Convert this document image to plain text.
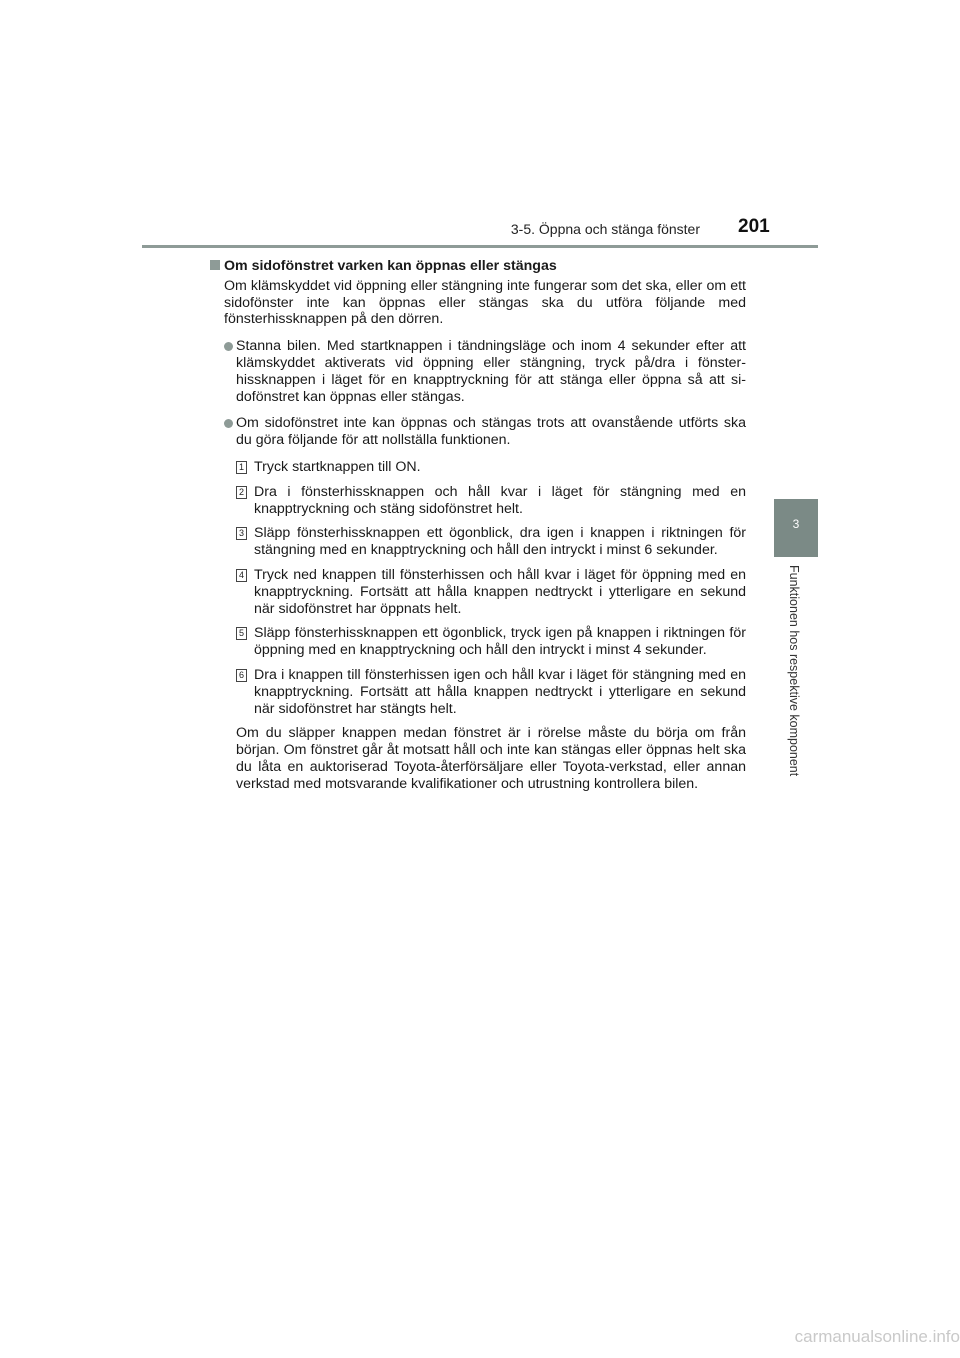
3-5. Öppna och stänga fönster 201
3
Funktionen hos respektive komponent
Om sidofönstret varken kan öppnas eller stängas
Om klämskyddet vid öppning eller stängning inte fungerar som det ska, eller om ett sidofönster inte kan öppnas eller stängas ska du utföra följande med fönsterhissknappen på den dörren.
Stanna bilen. Med startknappen i tändningsläge och inom 4 sekunder efter att klämskyddet aktiverats vid öppning eller stängning, tryck på/dra i fönsterhissknappen i läget för en knapptryckning för att stänga eller öppna så att sidofönstret kan öppnas eller stängas.
Om sidofönstret inte kan öppnas och stängas trots att ovanstående utförts ska du göra följande för att nollställa funktionen.
1 Tryck startknappen till ON.
2 Dra i fönsterhissknappen och håll kvar i läget för stängning med en knapptryckning och stäng sidofönstret helt.
3 Släpp fönsterhissknappen ett ögonblick, dra igen i knappen i riktningen för stängning med en knapptryckning och håll den intryckt i minst 6 sekunder.
4 Tryck ned knappen till fönsterhissen och håll kvar i läget för öppning med en knapptryckning. Fortsätt att hålla knappen nedtryckt i ytterligare en sekund när sidofönstret har öppnats helt.
5 Släpp fönsterhissknappen ett ögonblick, tryck igen på knappen i riktningen för öppning med en knapptryckning och håll den intryckt i minst 4 sekunder.
6 Dra i knappen till fönsterhissen igen och håll kvar i läget för stängning med en knapptryckning. Fortsätt att hålla knappen nedtryckt i ytterligare en sekund när sidofönstret har stängts helt.
Om du släpper knappen medan fönstret är i rörelse måste du börja om från början. Om fönstret går åt motsatt håll och inte kan stängas eller öppnas helt ska du låta en auktoriserad Toyota-återförsäljare eller Toyota-verkstad, eller annan verkstad med motsvarande kvalifikationer och utrustning kontrollera bilen.
carmanualsonline.info
